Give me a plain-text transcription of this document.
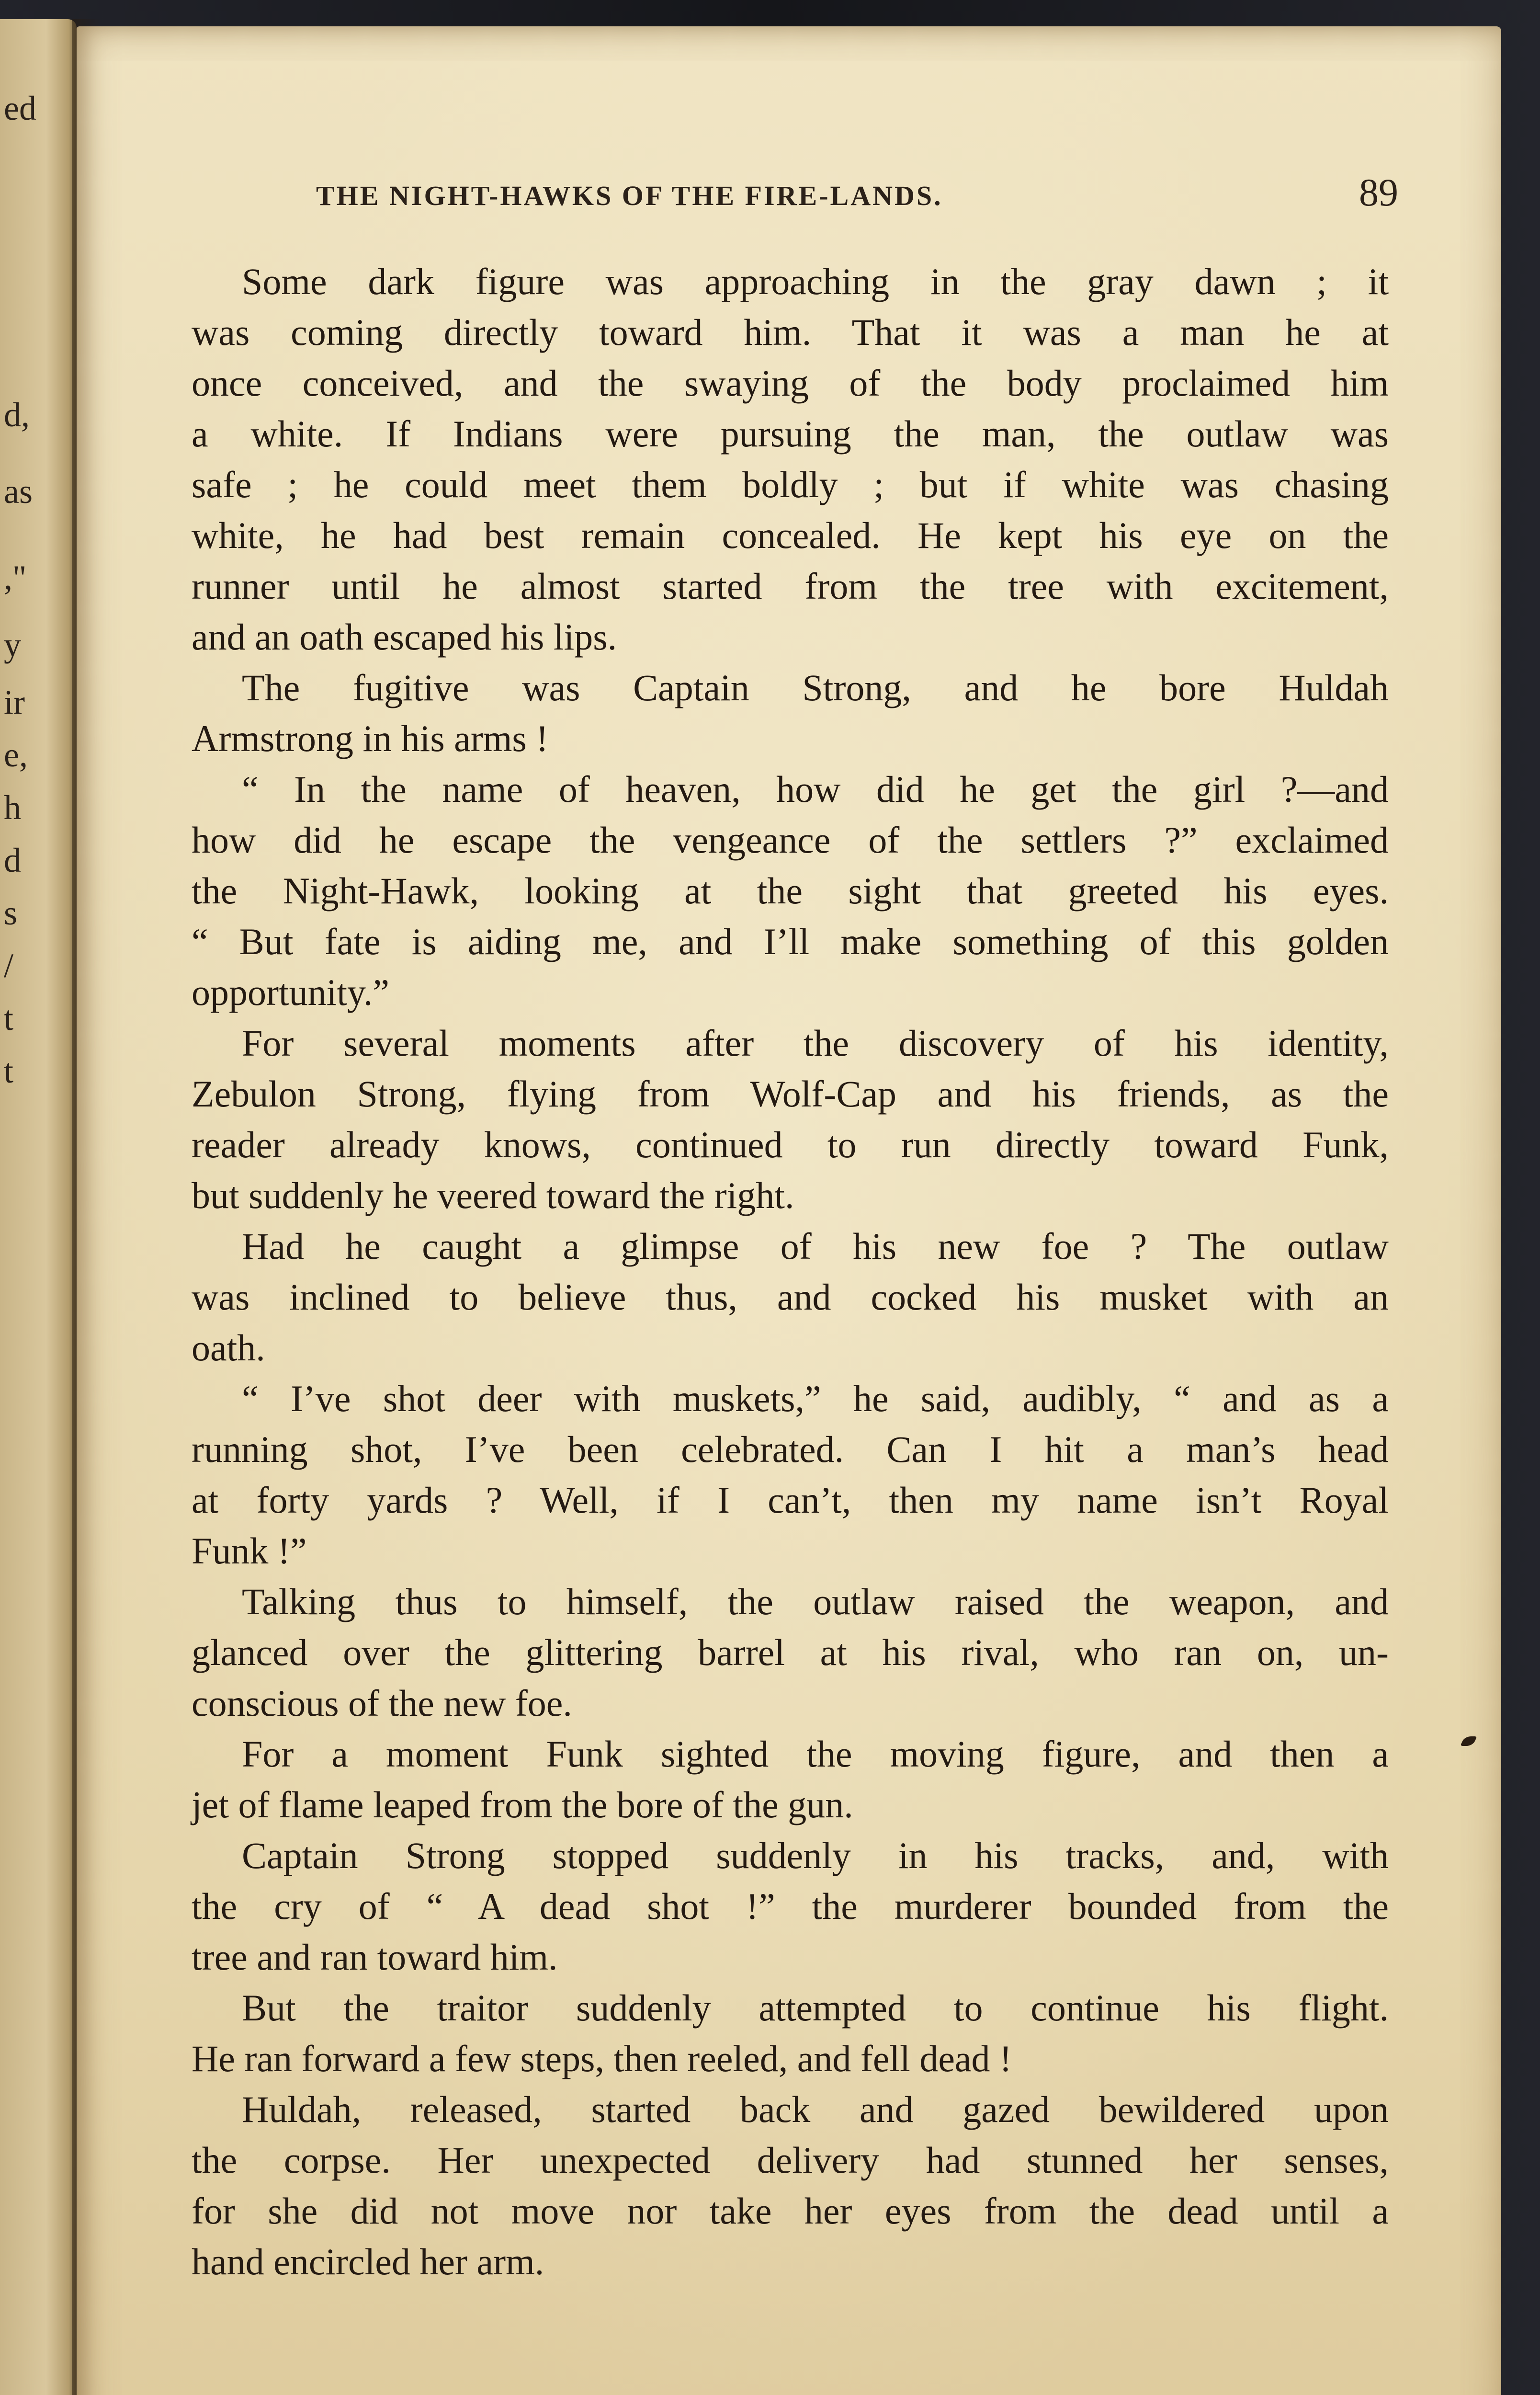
ed
d,
as
,"
y
ir
e,
h
d
s
/
t
t
THE NIGHT-HAWKS OF THE FIRE-LANDS.	89
Some dark figure was approaching in the gray dawn ; it
was coming directly toward him. That it was a man he at
once conceived, and the swaying of the body proclaimed him
a white. If Indians were pursuing the man, the outlaw was
safe ; he could meet them boldly ; but if white was chasing
white, he had best remain concealed. He kept his eye on the
runner until he almost started from the tree with excitement,
and an oath escaped his lips.
The fugitive was Captain Strong, and he bore Huldah
Armstrong in his arms !
“ In the name of heaven, how did he get the girl ?—and
how did he escape the vengeance of the settlers ?” exclaimed
the Night-Hawk, looking at the sight that greeted his eyes.
“ But fate is aiding me, and I’ll make something of this golden
opportunity.”
For several moments after the discovery of his identity,
Zebulon Strong, flying from Wolf-Cap and his friends, as the
reader already knows, continued to run directly toward Funk,
but suddenly he veered toward the right.
Had he caught a glimpse of his new foe ? The outlaw
was inclined to believe thus, and cocked his musket with an
oath.
“ I’ve shot deer with muskets,” he said, audibly, “ and as a
running shot, I’ve been celebrated. Can I hit a man’s head
at forty yards ? Well, if I can’t, then my name isn’t Royal
Funk !”
Talking thus to himself, the outlaw raised the weapon, and
glanced over the glittering barrel at his rival, who ran on, un-
conscious of the new foe.
For a moment Funk sighted the moving figure, and then a
jet of flame leaped from the bore of the gun.
Captain Strong stopped suddenly in his tracks, and, with
the cry of “ A dead shot !” the murderer bounded from the
tree and ran toward him.
But the traitor suddenly attempted to continue his flight.
He ran forward a few steps, then reeled, and fell dead !
Huldah, released, started back and gazed bewildered upon
the corpse. Her unexpected delivery had stunned her senses,
for she did not move nor take her eyes from the dead until a
hand encircled her arm.
